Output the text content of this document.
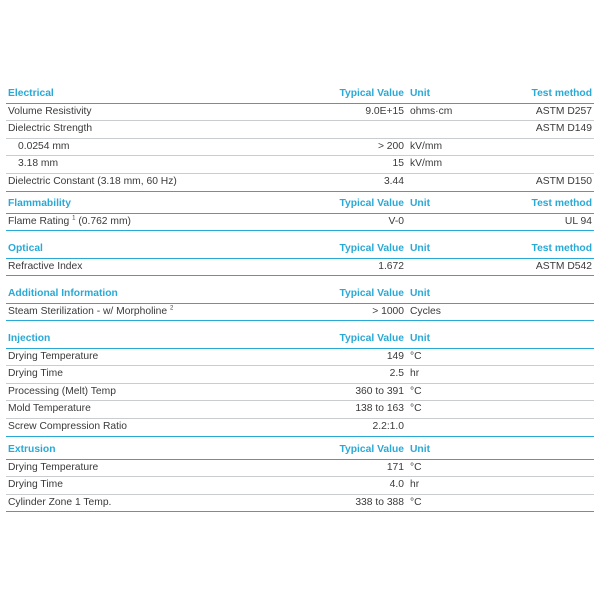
Electrical	Typical Value Unit	Test method
Volume Resistivity	9.0E+15 ohms·cm	ASTM D257
Dielectric Strength	ASTM D149
0.0254 mm	> 200 kV/mm
3.18 mm	15 kV/mm
Dielectric Constant (3.18 mm, 60 Hz)	3.44	ASTM D150
Flammability	Typical Value Unit	Test method
Flame Rating $^1$ (0.762 mm)	V-0	UL 94
Optical	Typical Value Unit	Test method
Refractive Index	1.672	ASTM D542
Additional Information	Typical Value Unit
Steam Sterilization - w/ Morpholine $^2$	> 1000 Cycles
Injection	Typical Value Unit
Drying Temperature	149 °C
Drying Time	2.5 hr
Processing (Melt) Temp	360 to 391 °C
Mold Temperature	138 to 163 °C
Screw Compression Ratio	2.2:1.0
Extrusion	Typical Value Unit
Drying Temperature	171 °C
Drying Time	4.0 hr
Cylinder Zone 1 Temp.	338 to 388 °C
